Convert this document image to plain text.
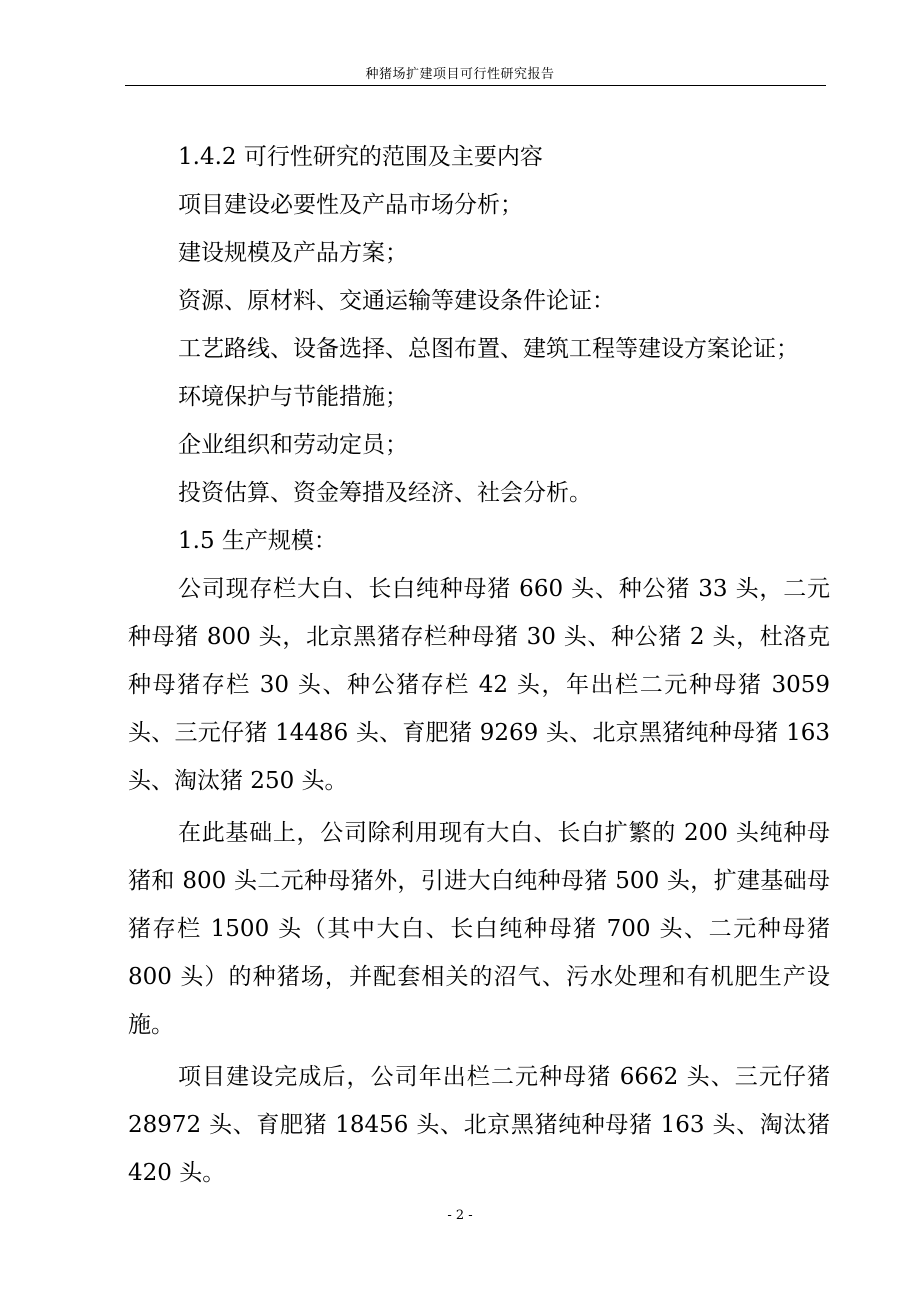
种猪场扩建项目可行性研究报告
1.4.2 可行性研究的范围及主要内容
项目建设必要性及产品市场分析；
建设规模及产品方案；
资源、原材料、交通运输等建设条件论证：
工艺路线、设备选择、总图布置、建筑工程等建设方案论证；
环境保护与节能措施；
企业组织和劳动定员；
投资估算、资金筹措及经济、社会分析。
1.5 生产规模：

公司现存栏大白、长白纯种母猪 660 头、种公猪 33 头，二元种母猪 800 头，北京黑猪存栏种母猪 30 头、种公猪 2 头，杜洛克种母猪存栏 30 头、种公猪存栏 42 头，年出栏二元种母猪 3059 头、三元仔猪 14486 头、育肥猪 9269 头、北京黑猪纯种母猪 163 头、淘汰猪 250 头。

在此基础上，公司除利用现有大白、长白扩繁的 200 头纯种母猪和 800 头二元种母猪外，引进大白纯种母猪 500 头，扩建基础母猪存栏 1500 头（其中大白、长白纯种母猪 700 头、二元种母猪 800 头）的种猪场，并配套相关的沼气、污水处理和有机肥生产设施。

项目建设完成后，公司年出栏二元种母猪 6662 头、三元仔猪 28972 头、育肥猪 18456 头、北京黑猪纯种母猪 163 头、淘汰猪 420 头。

- 2 -
